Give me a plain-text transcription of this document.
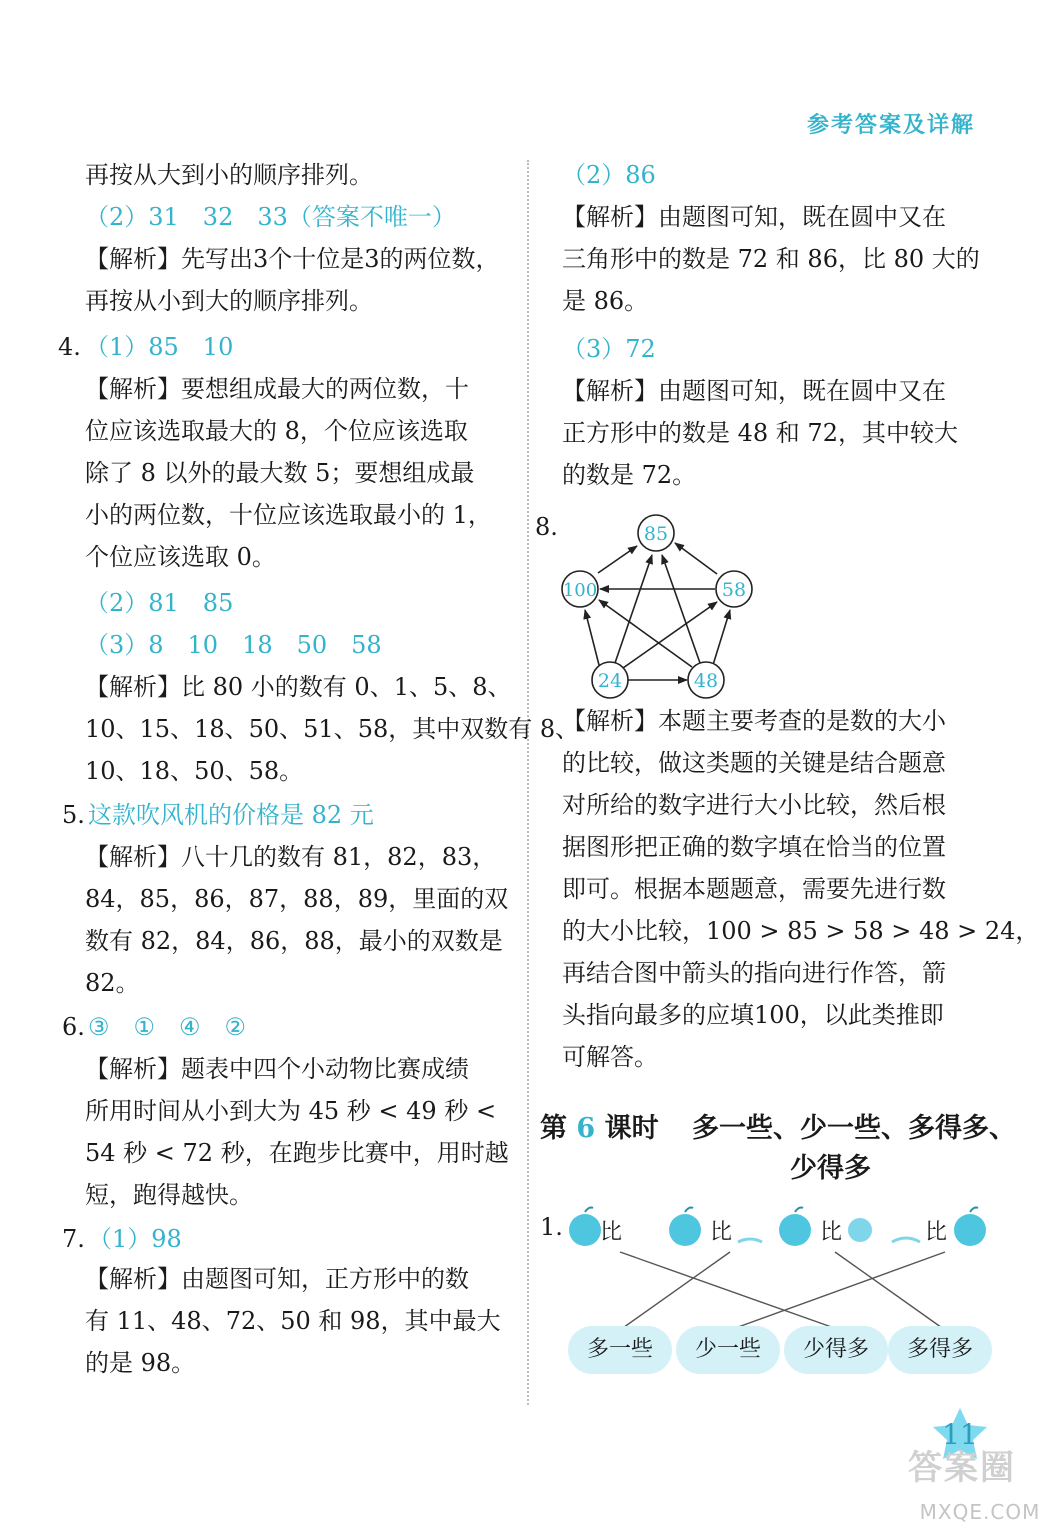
参考答案及详解
再按从大到小的顺序排列。
（2）31　32　33（答案不唯一）
【解析】先写出3个十位是3的两位数，
再按从小到大的顺序排列。
4. （1）85　10
【解析】要想组成最大的两位数，十
位应该选取最大的 8，个位应该选取
除了 8 以外的最大数 5；要想组成最
小的两位数，十位应该选取最小的 1，
个位应该选取 0。
（2）81　85
（3）8　10　18　50　58
【解析】比 80 小的数有 0、1、5、8、
10、15、18、50、51、58，其中双数有 8、
10、18、50、58。
5. 这款吹风机的价格是 82 元
【解析】八十几的数有 81，82，83，
84，85，86，87，88，89，里面的双
数有 82，84，86，88，最小的双数是
82。
6. ③　①　④　②
【解析】题表中四个小动物比赛成绩
所用时间从小到大为 45 秒 < 49 秒 <
54 秒 < 72 秒，在跑步比赛中，用时越
短，跑得越快。
7. （1）98
【解析】由题图可知，正方形中的数
有 11、48、72、50 和 98，其中最大
的是 98。
（2）86
【解析】由题图可知，既在圆中又在
三角形中的数是 72 和 86，比 80 大的
是 86。
（3）72
【解析】由题图可知，既在圆中又在
正方形中的数是 48 和 72，其中较大
的数是 72。
8.	85
100	58
24	48
【解析】本题主要考查的是数的大小
的比较，做这类题的关键是结合题意
对所给的数字进行大小比较，然后根
据图形把正确的数字填在恰当的位置
即可。根据本题题意，需要先进行数
的大小比较，100 > 85 > 58 > 48 > 24，
再结合图中箭头的指向进行作答，箭
头指向最多的应填100，以此类推即
可解答。
第 6 课时 多一些、少一些、多得多、
少得多
1. 比	比	比	比
多一些	少一些	少得多	多得多
11
答案圈
MXQE.COM
